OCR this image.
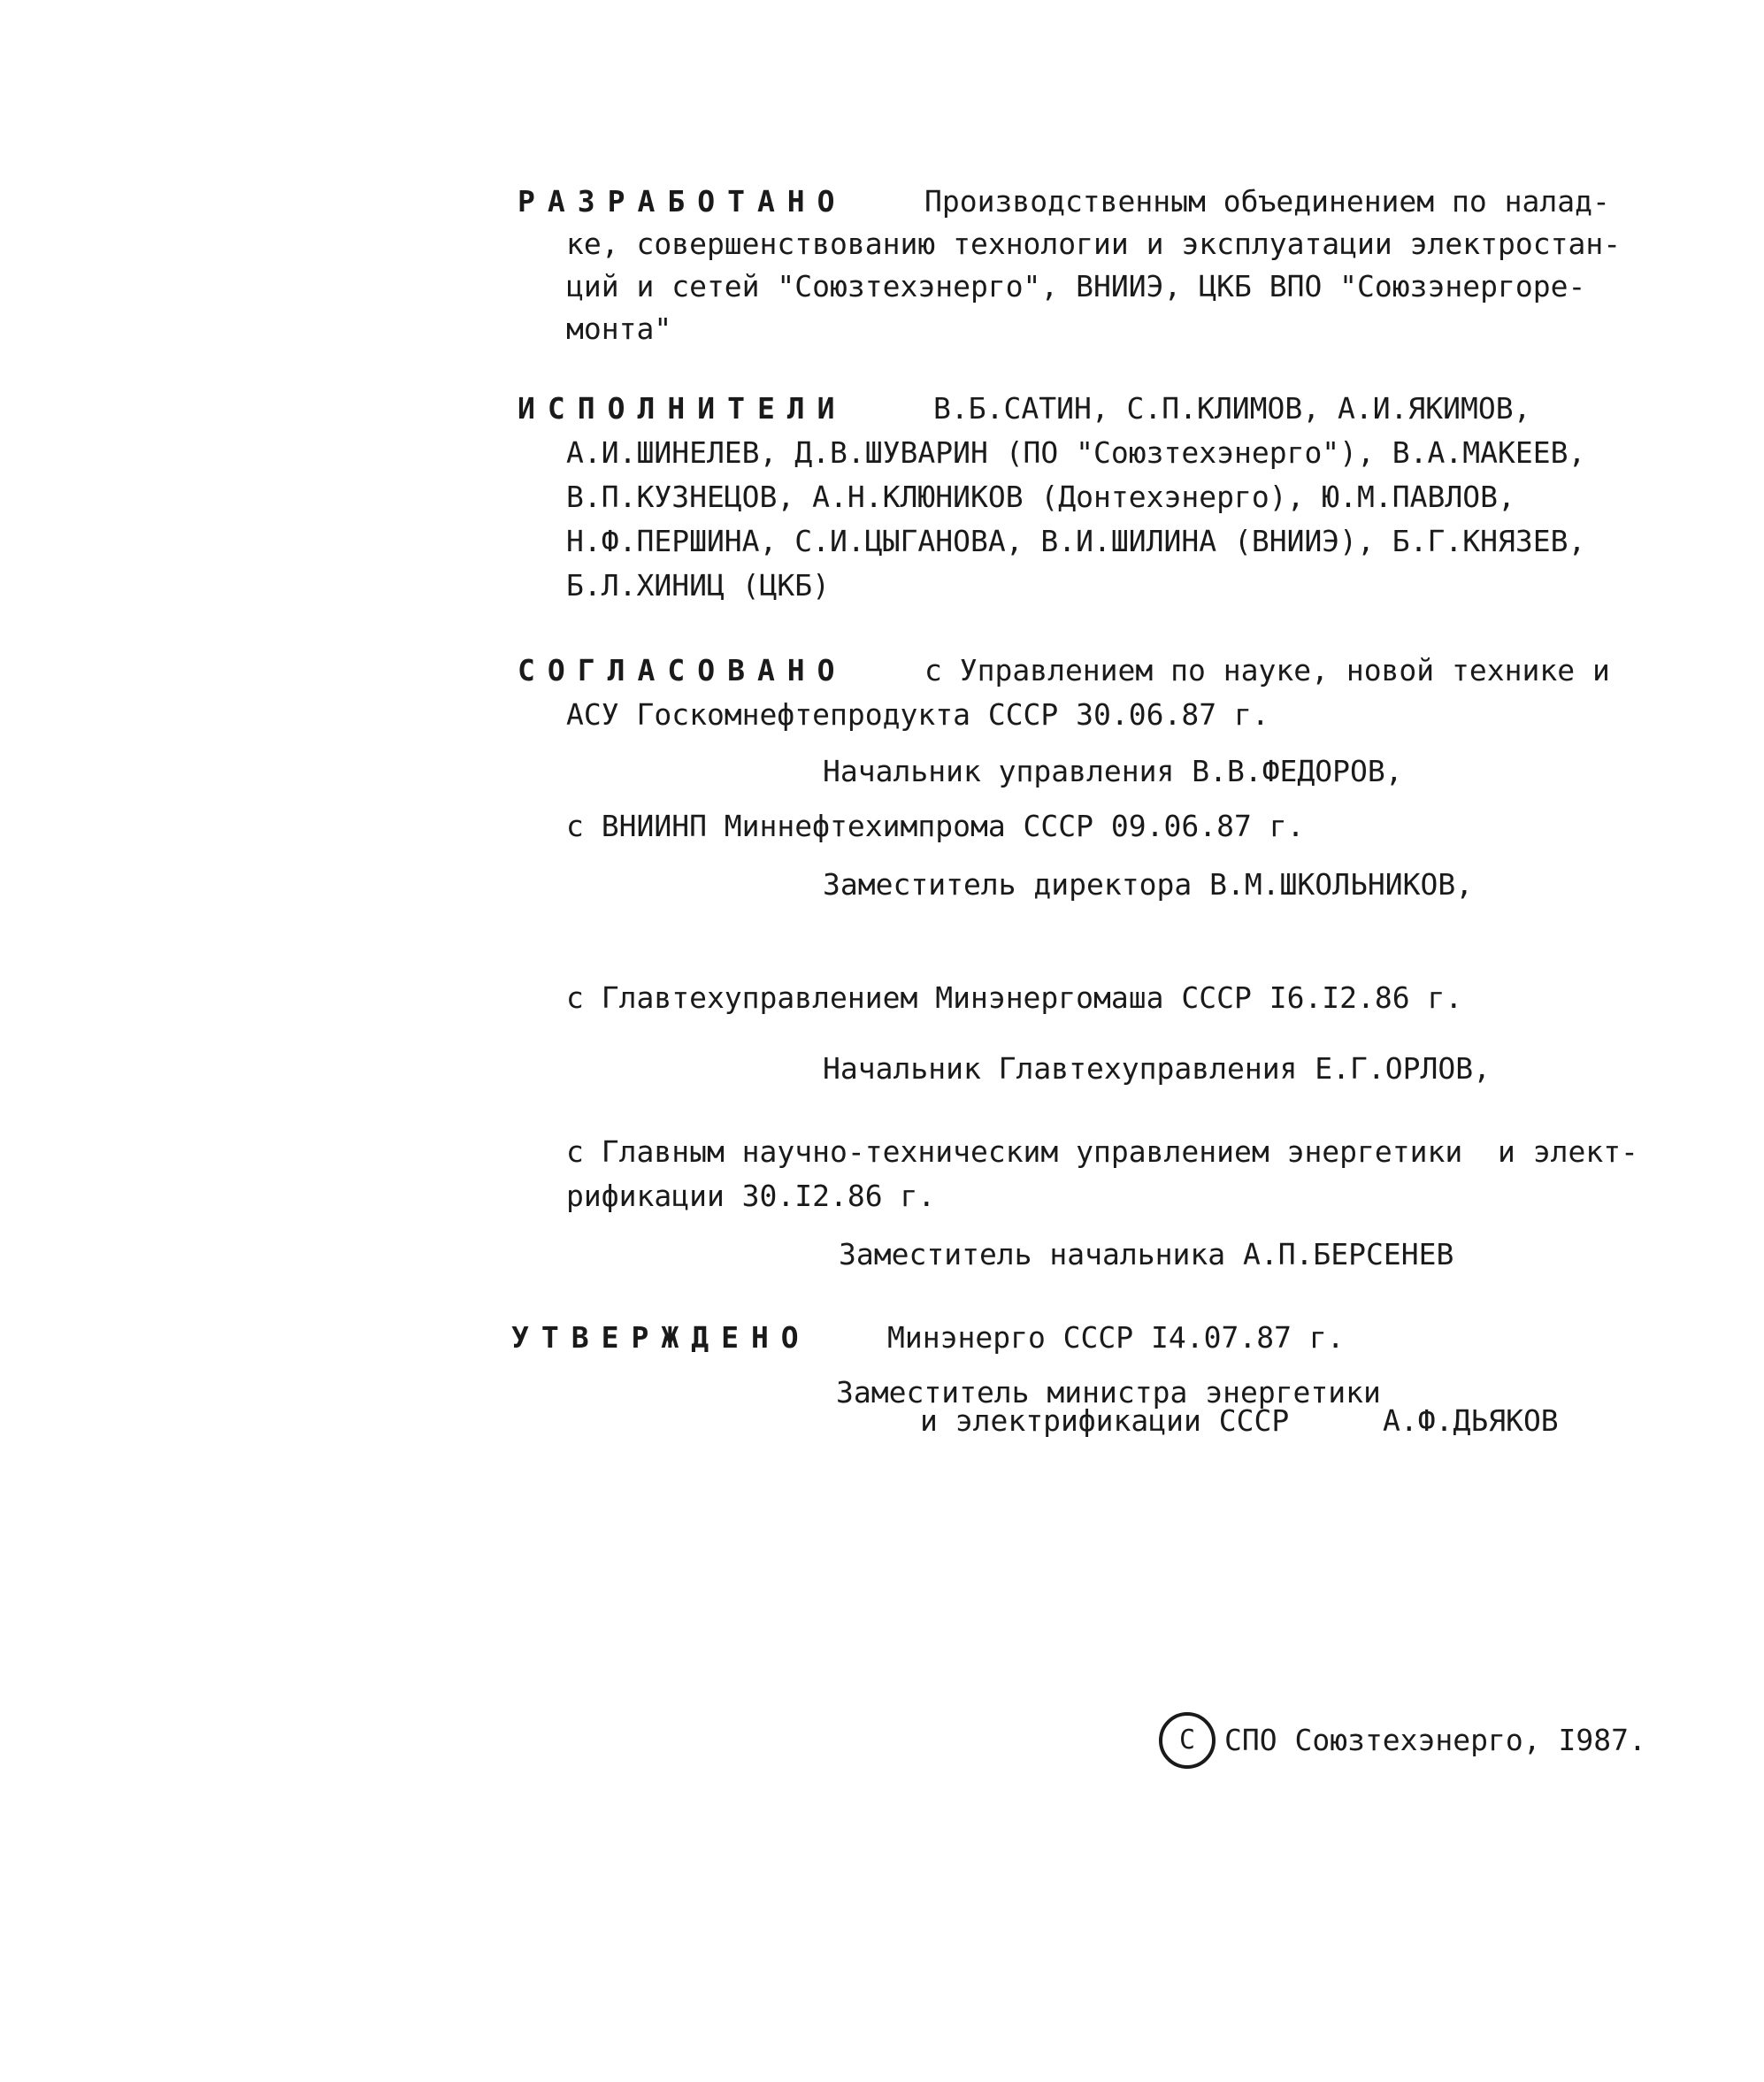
РАЗРАБОТАНО	Производственным объединением по налад-
ке, совершенствованию технологии и эксплуатации электростан-
ций и сетей "Союзтехэнерго", ВНИИЭ, ЦКБ ВПО "Союзэнергоре-
монта"
ИСПОЛНИТЕЛИ	В.Б.САТИН, С.П.КЛИМОВ, А.И.ЯКИМОВ,
А.И.ШИНЕЛЕВ, Д.В.ШУВАРИН (ПО "Союзтехэнерго"), В.А.МАКЕЕВ,
В.П.КУЗНЕЦОВ, А.Н.КЛЮНИКОВ (Донтехэнерго), Ю.М.ПАВЛОВ,
Н.Ф.ПЕРШИНА, С.И.ЦЫГАНОВА, В.И.ШИЛИНА (ВНИИЭ), Б.Г.КНЯЗЕВ,
Б.Л.ХИНИЦ (ЦКБ)
СОГЛАСОВАНО	с Управлением по науке, новой технике и
АСУ Госкомнефтепродукта СССР 30.06.87 г.
Начальник управления В.В.ФЕДОРОВ,
с ВНИИНП Миннефтехимпрома СССР 09.06.87 г.
Заместитель директора В.М.ШКОЛЬНИКОВ,
с Главтехуправлением Минэнергомаша СССР I6.I2.86 г.
Начальник Главтехуправления Е.Г.ОРЛОВ,
с Главным научно-техническим управлением энергетики  и элект-
рификации 30.I2.86 г.
Заместитель начальника А.П.БЕРСЕНЕВ
УТВЕРЖДЕНО	Минэнерго СССР I4.07.87 г.
Заместитель министра энергетики
и электрификации СССР	А.Ф.ДЬЯКОВ
С СПО Союзтехэнерго, I987.
